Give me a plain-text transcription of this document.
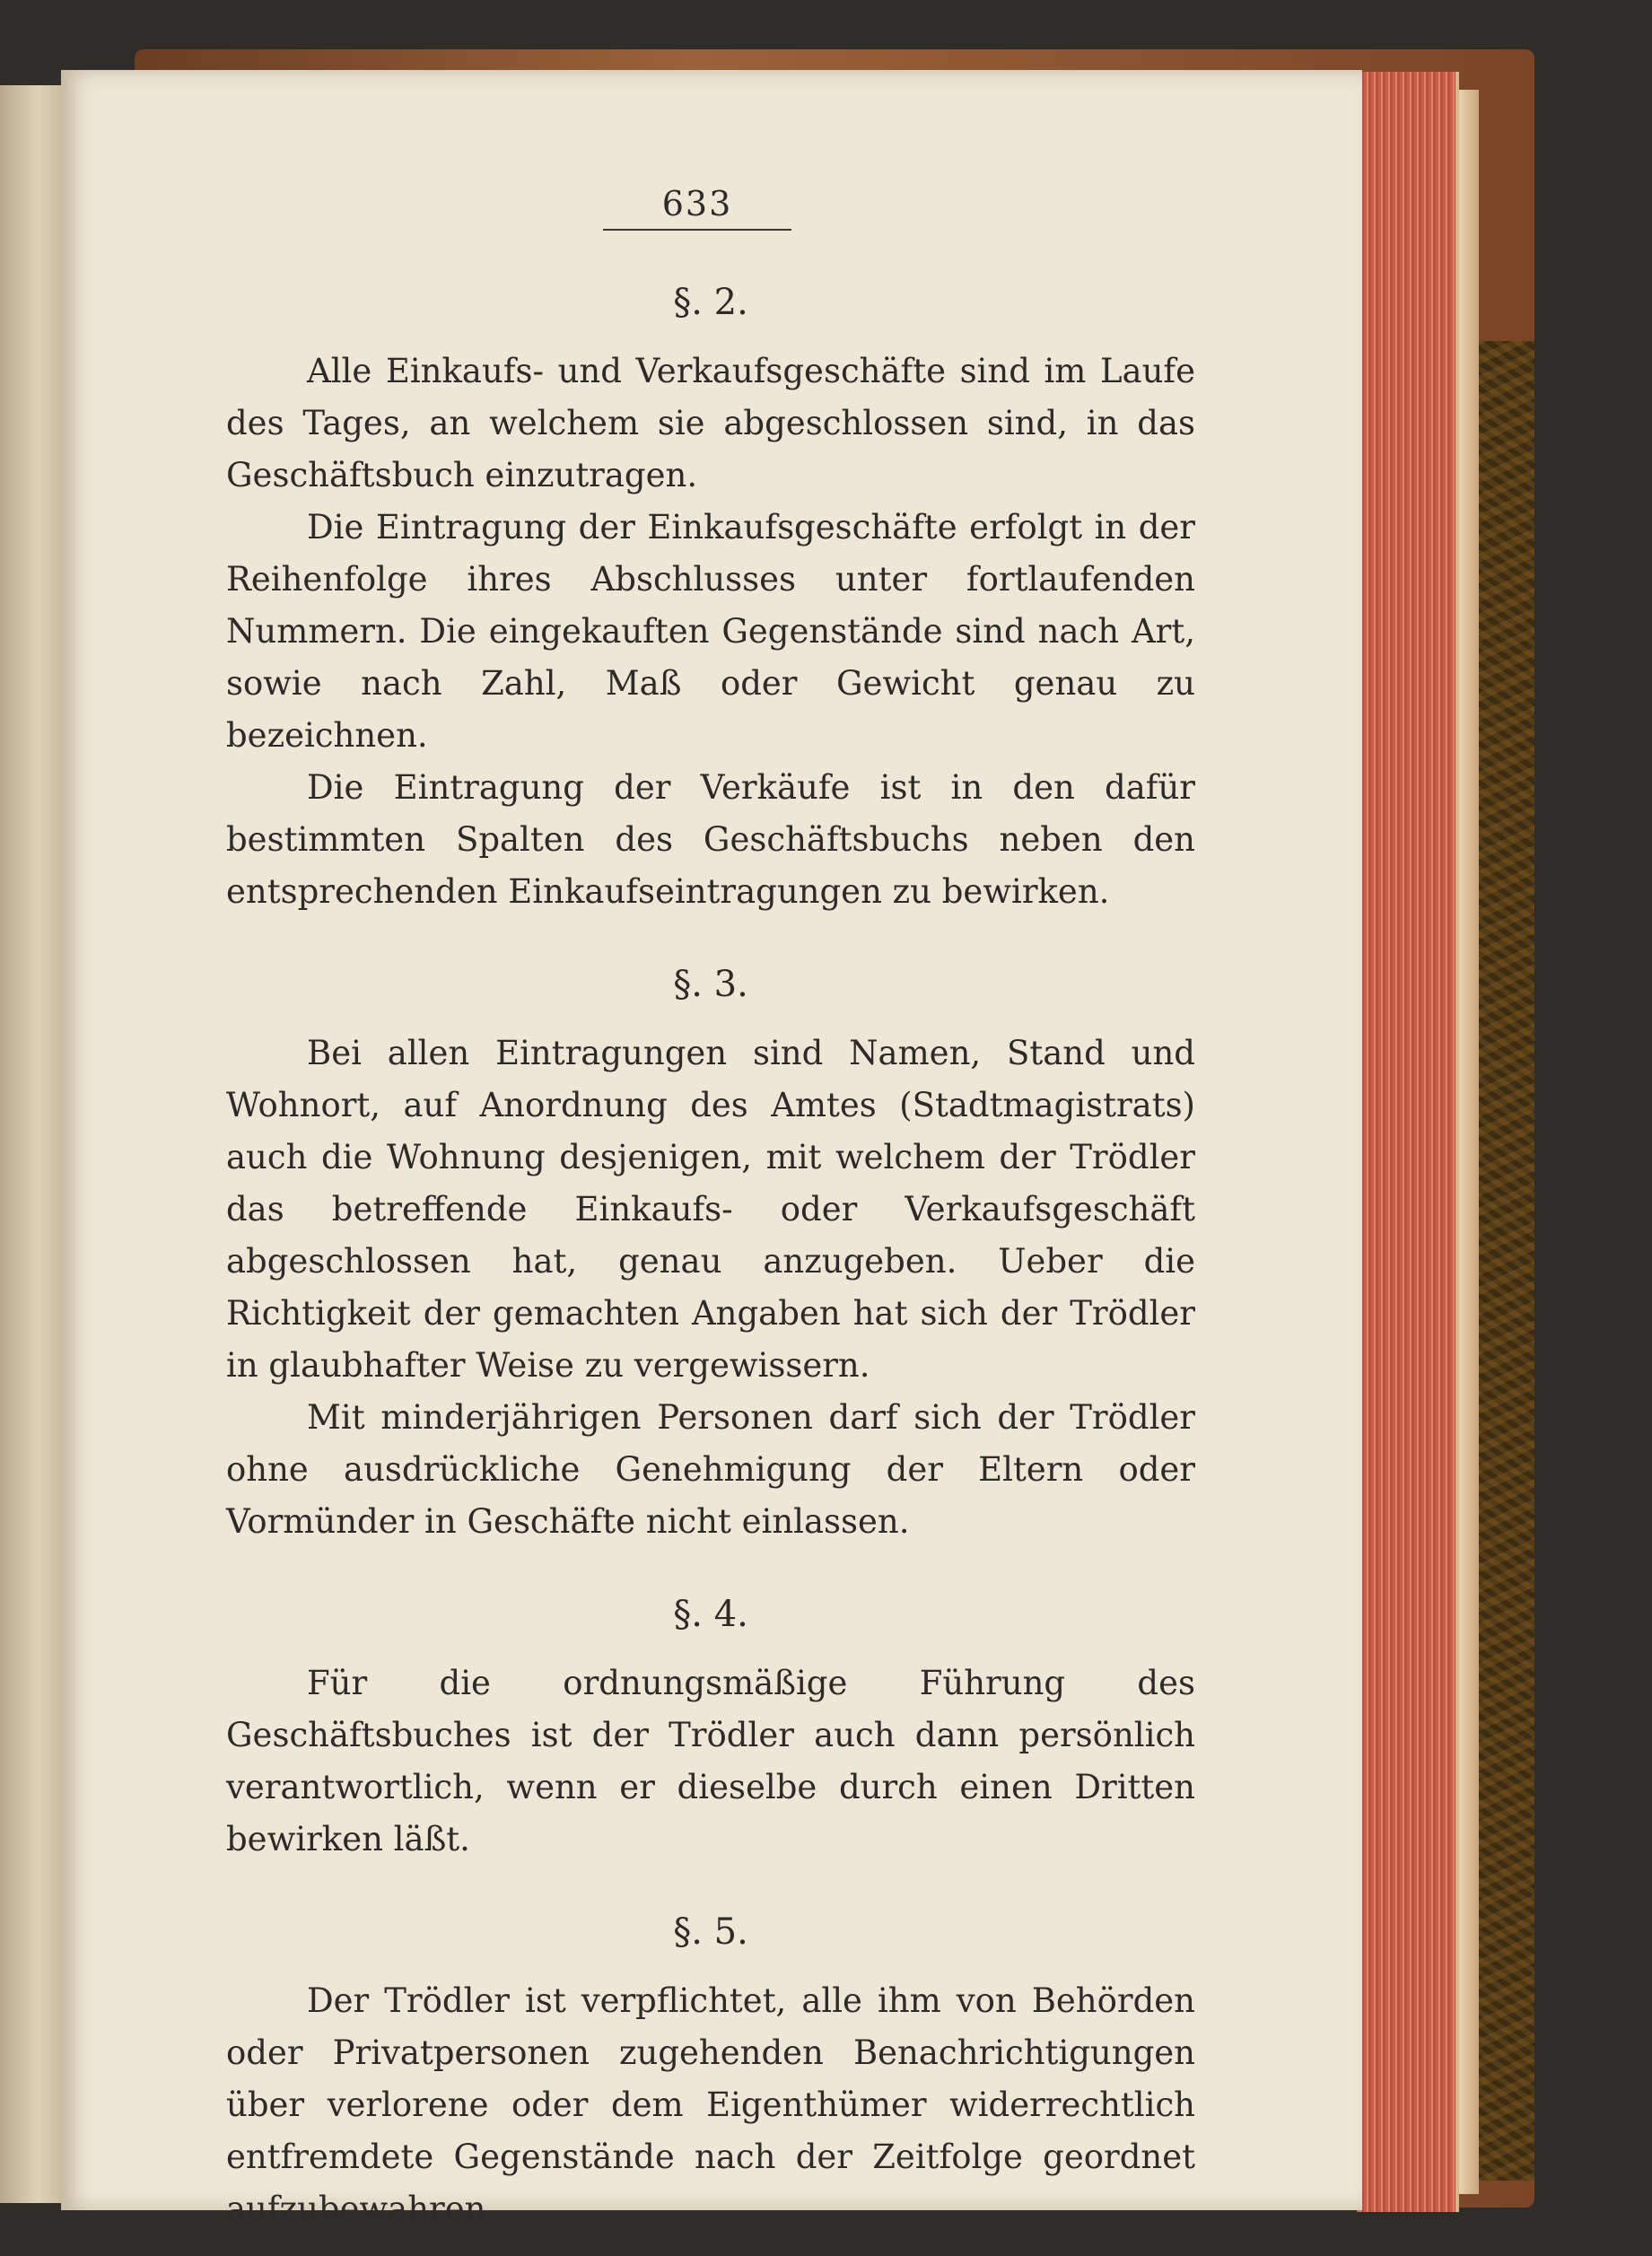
633
§. 2.

Alle Einkaufs- und Verkaufsgeschäfte sind im Laufe des Tages, an welchem sie abgeschlossen sind, in das Geschäftsbuch einzutragen.

Die Eintragung der Einkaufsgeschäfte erfolgt in der Reihenfolge ihres Abschlusses unter fortlaufenden Nummern. Die eingekauften Gegenstände sind nach Art, sowie nach Zahl, Maß oder Gewicht genau zu bezeichnen.

Die Eintragung der Verkäufe ist in den dafür bestimmten Spalten des Geschäftsbuchs neben den entsprechenden Einkaufseintragungen zu bewirken.

§. 3.

Bei allen Eintragungen sind Namen, Stand und Wohnort, auf Anordnung des Amtes (Stadtmagistrats) auch die Wohnung desjenigen, mit welchem der Trödler das betreffende Einkaufs- oder Verkaufsgeschäft abgeschlossen hat, genau anzugeben. Ueber die Richtigkeit der gemachten Angaben hat sich der Trödler in glaubhafter Weise zu vergewissern.

Mit minderjährigen Personen darf sich der Trödler ohne ausdrückliche Genehmigung der Eltern oder Vormünder in Geschäfte nicht einlassen.

§. 4.

Für die ordnungsmäßige Führung des Geschäftsbuches ist der Trödler auch dann persönlich verantwortlich, wenn er dieselbe durch einen Dritten bewirken läßt.

§. 5.

Der Trödler ist verpflichtet, alle ihm von Behörden oder Privatpersonen zugehenden Benachrichtigungen über verlorene oder dem Eigenthümer widerrechtlich entfremdete Gegenstände nach der Zeitfolge geordnet aufzubewahren.
